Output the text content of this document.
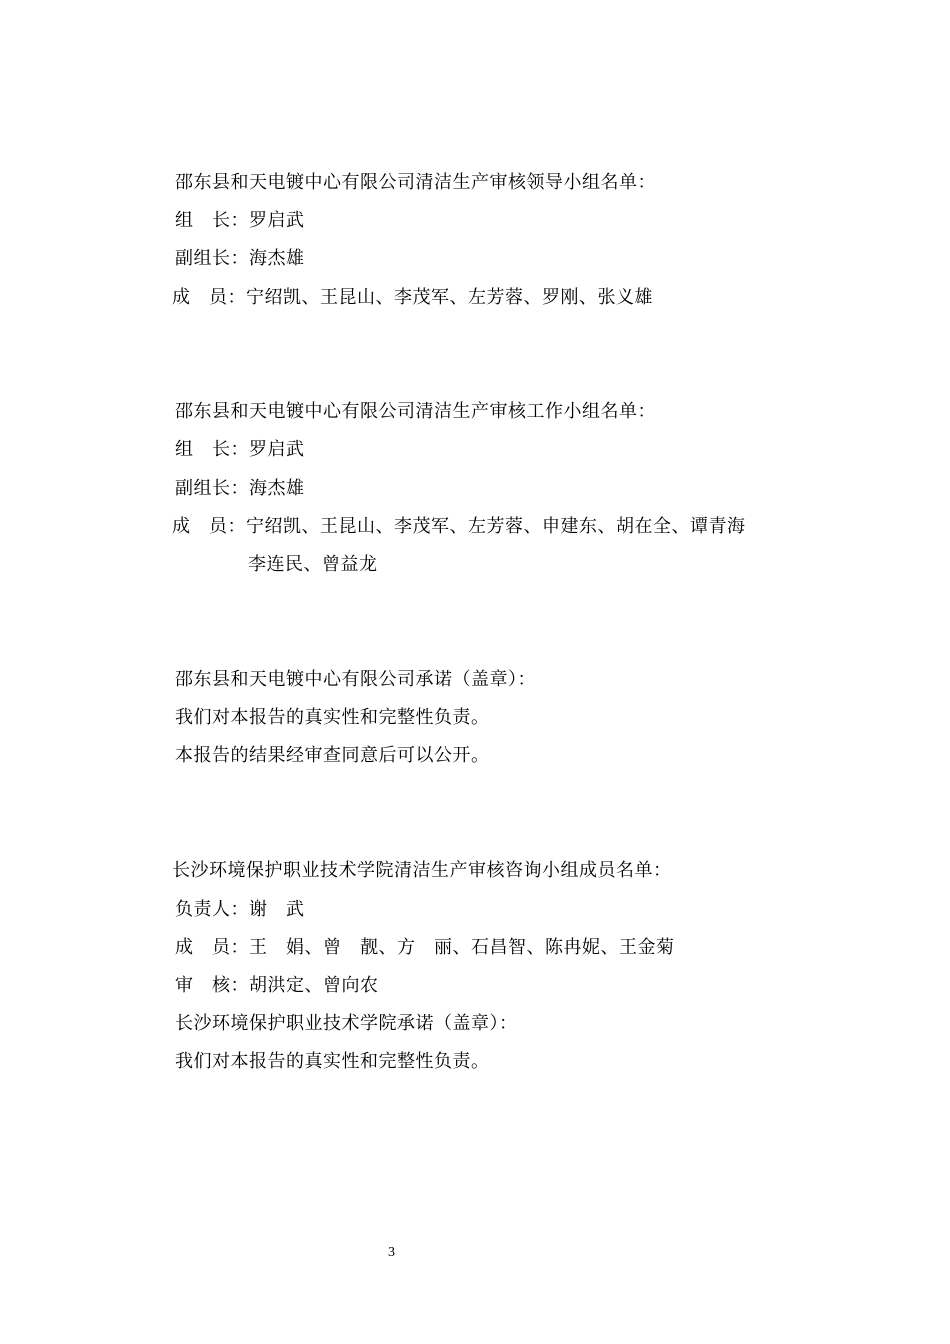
邵东县和天电镀中心有限公司清洁生产审核领导小组名单：
组　长：罗启武
副组长：海杰雄
成　员：宁绍凯、王昆山、李茂军、左芳蓉、罗刚、张义雄
邵东县和天电镀中心有限公司清洁生产审核工作小组名单：
组　长：罗启武
副组长：海杰雄
成　员：宁绍凯、王昆山、李茂军、左芳蓉、申建东、胡在全、谭青海
李连民、曾益龙
邵东县和天电镀中心有限公司承诺（盖章）：
我们对本报告的真实性和完整性负责。
本报告的结果经审查同意后可以公开。
长沙环境保护职业技术学院清洁生产审核咨询小组成员名单：
负责人：谢　武
成　员：王　娟、曾　靓、方　丽、石昌智、陈冉妮、王金菊
审　核：胡洪定、曾向农
长沙环境保护职业技术学院承诺（盖章）：
我们对本报告的真实性和完整性负责。
3
